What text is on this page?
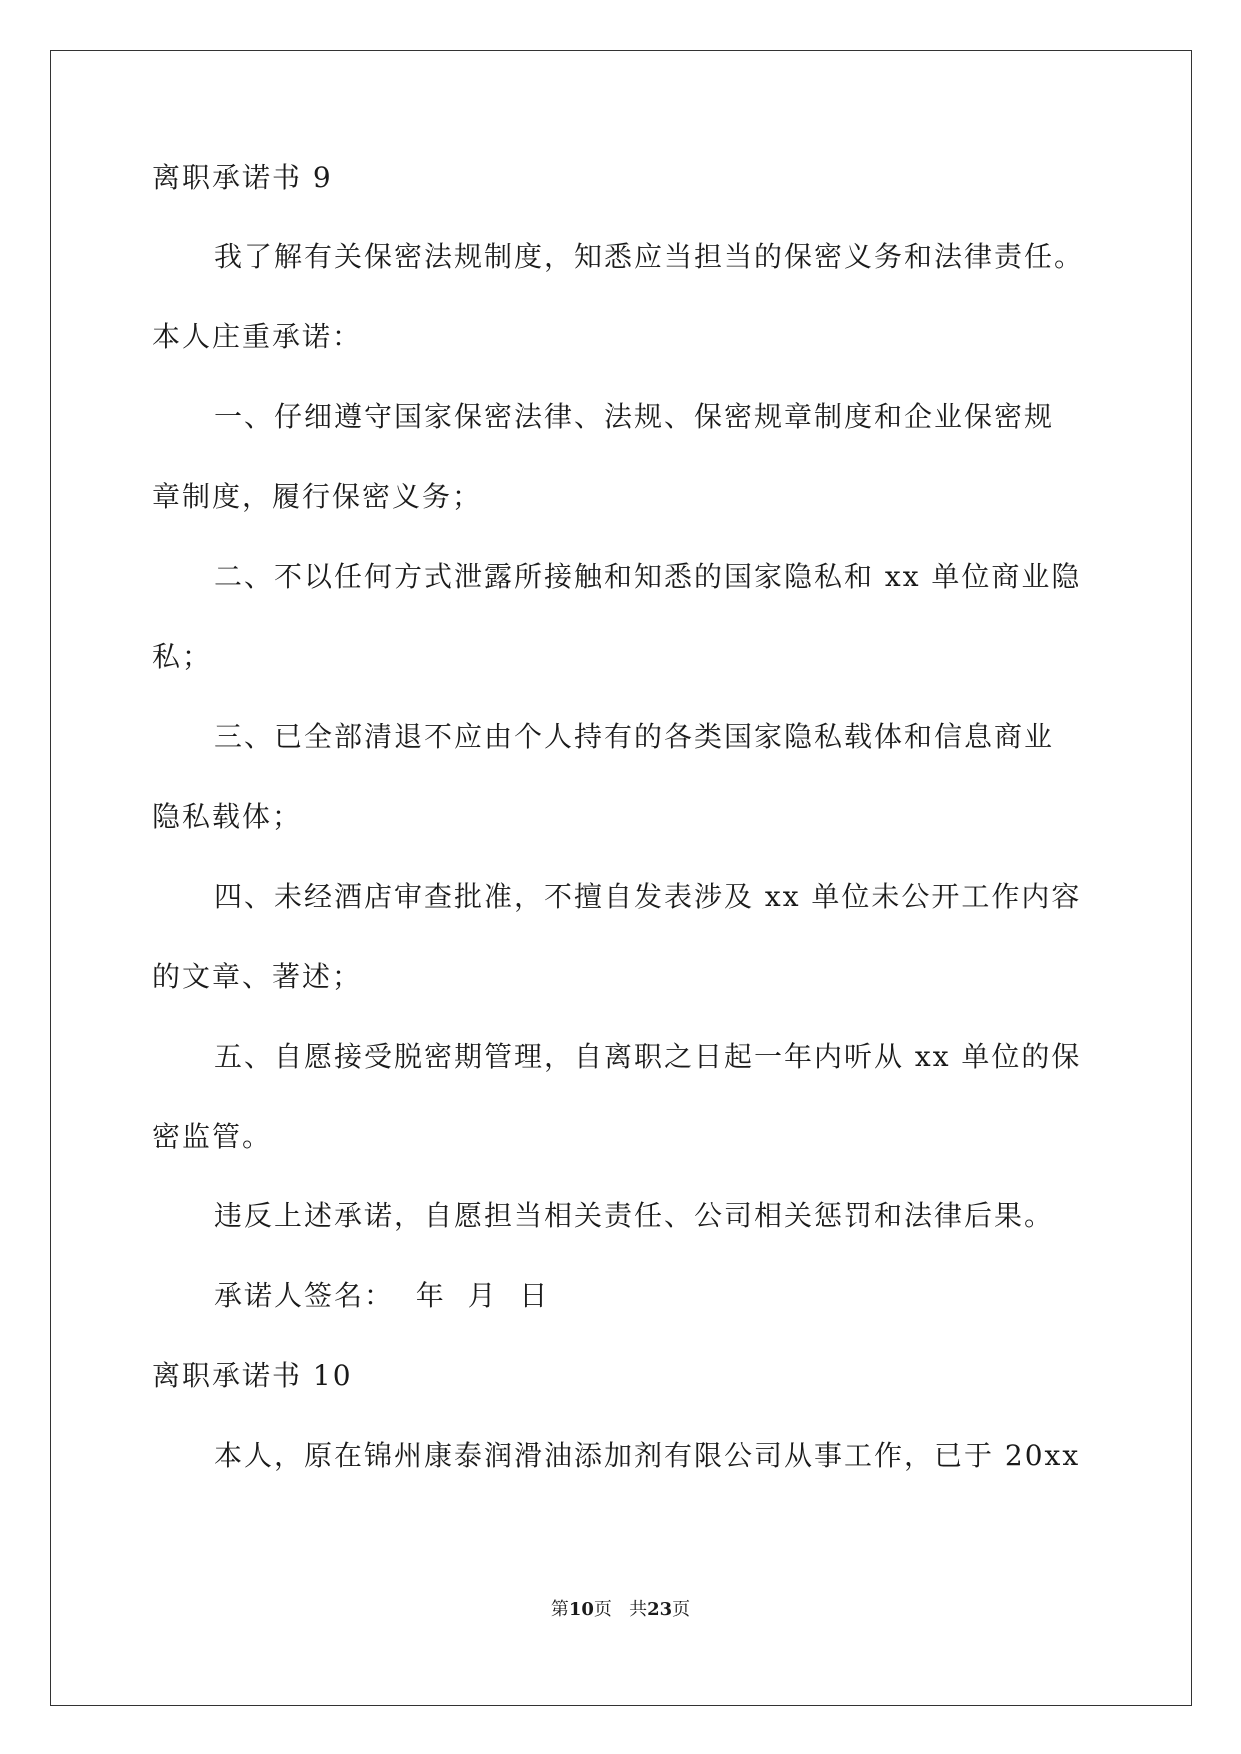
离职承诺书 9
我了解有关保密法规制度，知悉应当担当的保密义务和法律责任。
本人庄重承诺：
一、仔细遵守国家保密法律、法规、保密规章制度和企业保密规
章制度，履行保密义务；
二、不以任何方式泄露所接触和知悉的国家隐私和 xx 单位商业隐
私；
三、已全部清退不应由个人持有的各类国家隐私载体和信息商业
隐私载体；
四、未经酒店审查批准，不擅自发表涉及 xx 单位未公开工作内容
的文章、著述；
五、自愿接受脱密期管理，自离职之日起一年内听从 xx 单位的保
密监管。
违反上述承诺，自愿担当相关责任、公司相关惩罚和法律后果。
承诺人签名：  年  月  日
离职承诺书 10
本人，原在锦州康泰润滑油添加剂有限公司从事工作，已于 20xx
第10页   共23页
